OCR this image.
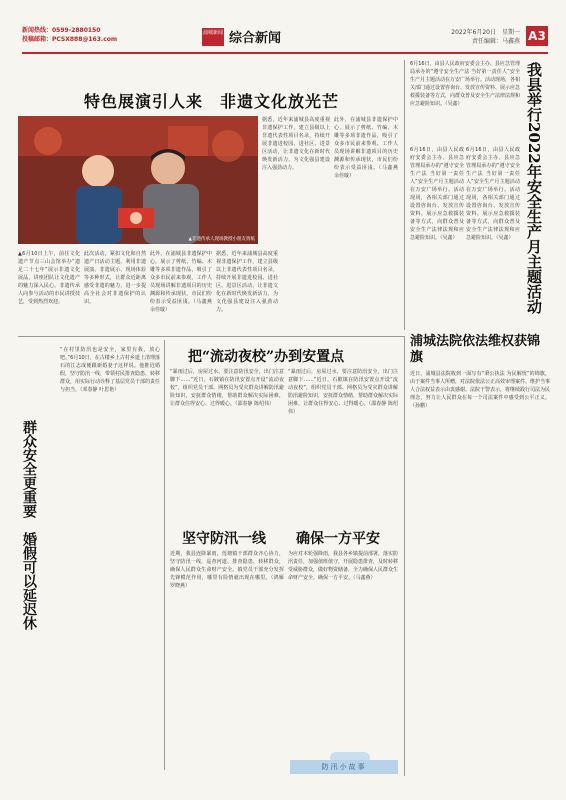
新闻热线：0599-2880150
投稿邮箱：PCSX888@163.com
浦城新闻 综合新闻	2022年6月20日　星期一
责任编辑：马鑫燕 A3
特色展演引人来　非遗文化放光芒
▲非遗传承人现场教授小朋友剪纸
▲6月10日上午，前往文化遗产节点三山会馆举办“遗足二十七年”展示非遗文化展品，讲座团队让文化遗产的魅力深入民心。非遗传承人向参与活动的市民讲授技艺，受到热烈欢迎。
此次活动，紧扣文化和自然遗产日活动主题，利用非遗展演、非遗展示、现场体验等多种形式，让群众近距离感受非遗的魅力，进一步提高全社会对非遗保护的认识。
此外，在浦城县非遗保护中心，展示了剪纸、竹编、木雕等多项非遗作品，吸引了众多市民前来参观。工作人员现场讲解非遗项目的历史渊源和传承现状，市民们纷纷表示受益匪浅。（马鑫燕 余佳璇）
据悉，近年来浦城县高度重视非遗保护工作，建立县级以上非遗代表性项目名录，持续开展非遗进校园、进社区、进景区活动，让非遗文化在新时代焕发新活力，为文化强县建设注入强劲动力。
据悉，近年来浦城县高度重视非遗保护工作，建立县级以上非遗代表性项目名录，持续开展非遗进校园、进社区、进景区活动，让非遗文化在新时代焕发新活力，为文化强县建设注入强劲动力。
此外，在浦城县非遗保护中心，展示了剪纸、竹编、木雕等多项非遗作品，吸引了众多市民前来参观。工作人员现场讲解非遗项目的历史渊源和传承现状，市民们纷纷表示受益匪浅。（马鑫燕 余佳璇）
6月16日，由县人民政府安委会主办、县应急管理局承办的“遵守安全生产法 当好第一责任人”安全生产月主题活动在万安广场举行。活动现场，各相关部门通过设置咨询台、发放宣传资料、展示应急救援装备等方式，向群众普及安全生产法律法规和应急避险知识。（吴鑫）	我县举行2022年安全生产月主题活动
6月16日，由县人民政府安委会主办、县应急管理局承办的“遵守安全生产法 当好第一责任人”安全生产月主题活动在万安广场举行。活动现场，各相关部门通过设置咨询台、发放宣传资料、展示应急救援装备等方式，向群众普及安全生产法律法规和应急避险知识。（吴鑫）
6月16日，由县人民政府安委会主办、县应急管理局承办的“遵守安全生产法 当好第一责任人”安全生产月主题活动在万安广场举行。活动现场，各相关部门通过设置咨询台、发放宣传资料、展示应急救援装备等方式，向群众普及安全生产法律法规和应急避险知识。（吴鑫）
浦城法院依法维权获锦旗
近日，浦城县法院收到一面写有“秉公执法 为民解忧”的锦旗，由于案件当事人所赠，对法院依法公正高效审理案件、维护当事人合法权益表示由衷感谢。法院干警表示，将继续践行司法为民理念，努力让人民群众在每一个司法案件中感受到公平正义。（孙鹏）
“在村里防汛也是安全，家里有我，放心吧。”6月10日，在古楼乡上古村乡道上清理落石的江志成便跟新婚妻子这样说。他推迟婚假，坚守防汛一线，带领村民排查隐患、转移群众，用实际行动诠释了基层党员干部的责任与担当。（邓春静 叶思艳）
群众安全更重要　婚假可以延迟休
把“流动夜校”办到安置点
“暴雨过后，房屋过水，要注意防汛安全，出门注意脚下……”近日，石陂镇在防汛安置点开设“流动夜校”，组织党员干部、网格员为受灾群众讲解防汛避险知识，安抚群众情绪，帮助群众解决实际困难，让群众住得安心、过得暖心。（邵春静 陈绍伟）
“暴雨过后，房屋过水，要注意防汛安全，出门注意脚下……”近日，石陂镇在防汛安置点开设“流动夜校”，组织党员干部、网格员为受灾群众讲解防汛避险知识，安抚群众情绪，帮助群众解决实际困难，让群众住得安心、过得暖心。（邵春静 陈绍伟）
坚守防汛一线
近期，我县连降暴雨，莲塘镇干部群众齐心协力，坚守防汛一线，巡查河道、排查隐患、转移群众，确保人民群众生命财产安全。镇党员干部充分发挥先锋模范作用，哪里有险情就出现在哪里。（鸿雁 罗晓燕）
确保一方平安
为应对本轮强降雨，我县各乡镇提前部署，落实防汛责任，加强值班值守，开展隐患排查，及时转移受威胁群众，做好物资储备，全力确保人民群众生命财产安全，确保一方平安。（马鑫燕）
防汛小故事
